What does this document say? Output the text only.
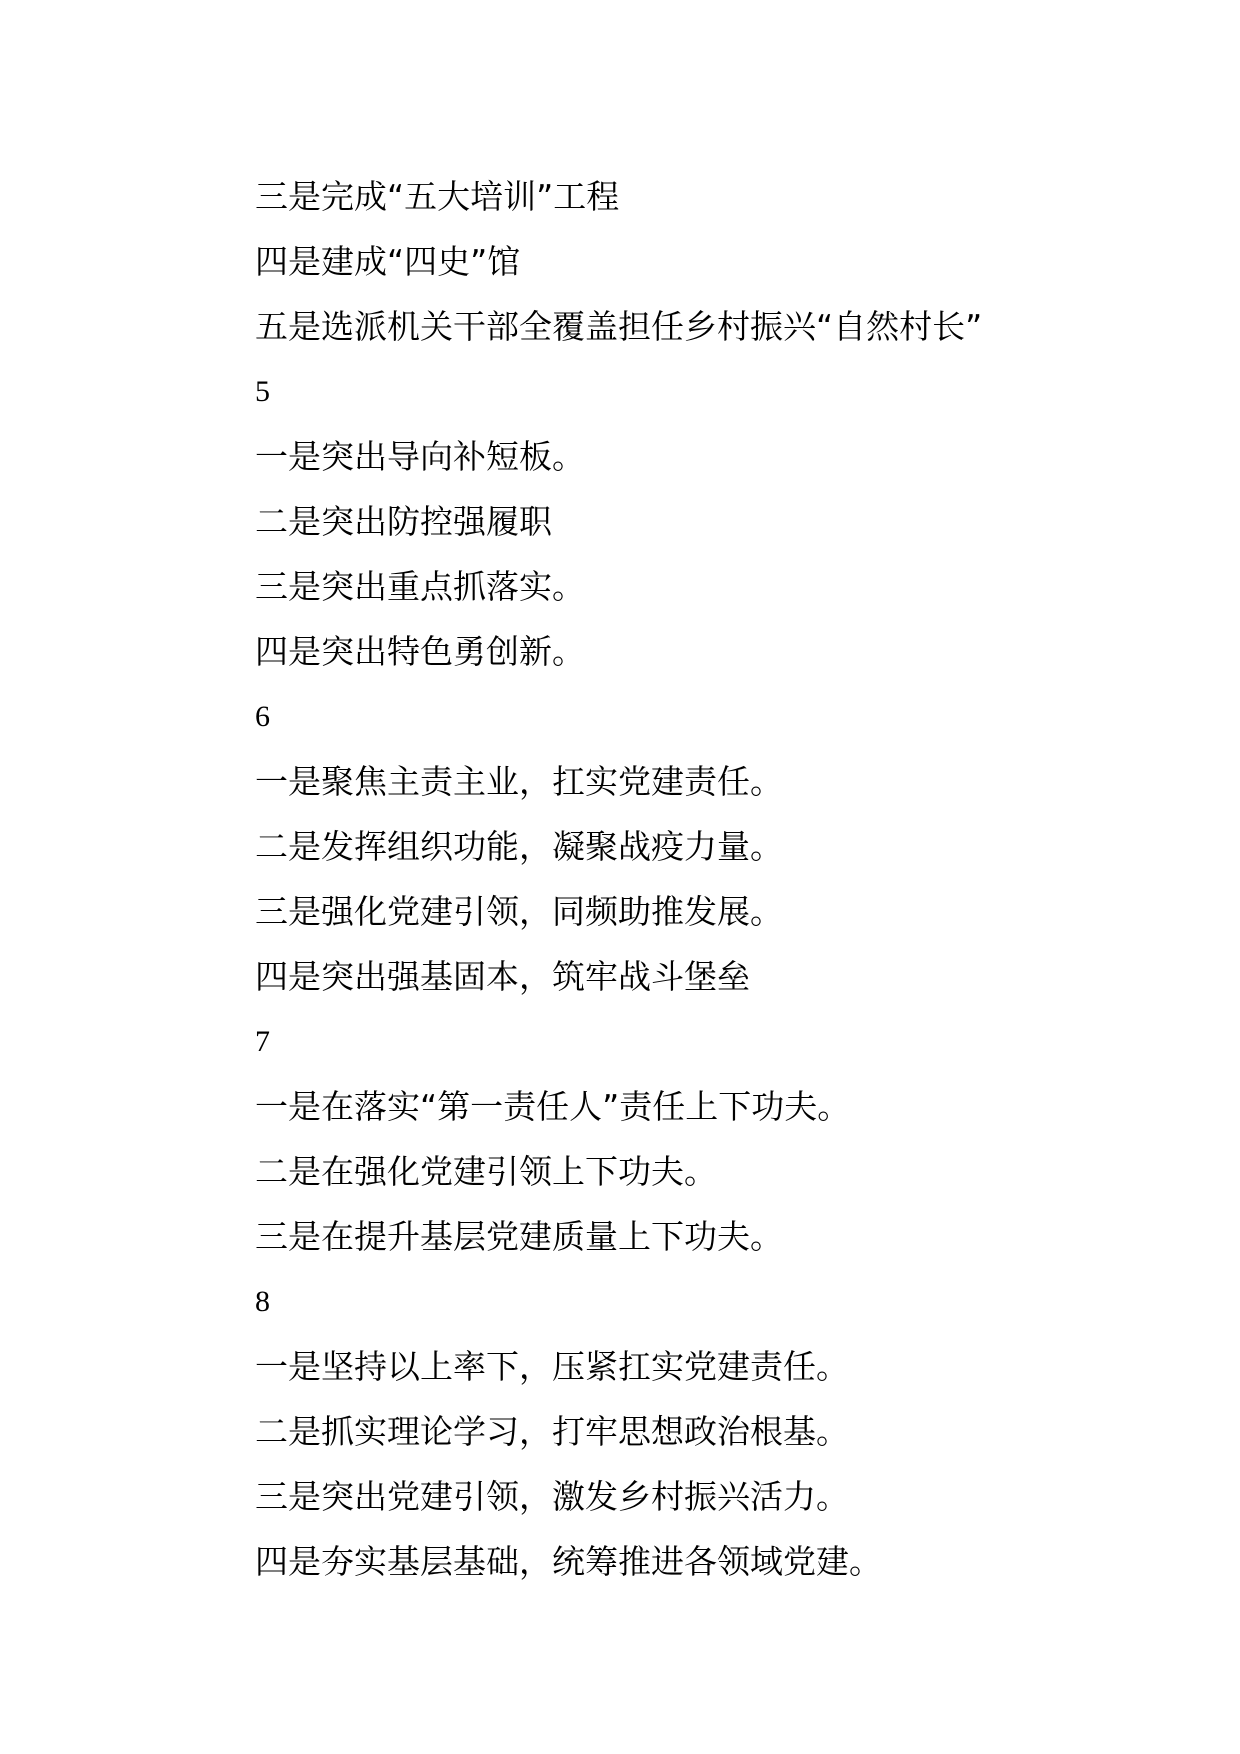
三是完成“五大培训”工程
四是建成“四史”馆
五是选派机关干部全覆盖担任乡村振兴“自然村长”
5
一是突出导向补短板。
二是突出防控强履职
三是突出重点抓落实。
四是突出特色勇创新。
6
一是聚焦主责主业，扛实党建责任。
二是发挥组织功能，凝聚战疫力量。
三是强化党建引领，同频助推发展。
四是突出强基固本，筑牢战斗堡垒
7
一是在落实“第一责任人”责任上下功夫。
二是在强化党建引领上下功夫。
三是在提升基层党建质量上下功夫。
8
一是坚持以上率下，压紧扛实党建责任。
二是抓实理论学习，打牢思想政治根基。
三是突出党建引领，激发乡村振兴活力。
四是夯实基层基础，统筹推进各领域党建。
